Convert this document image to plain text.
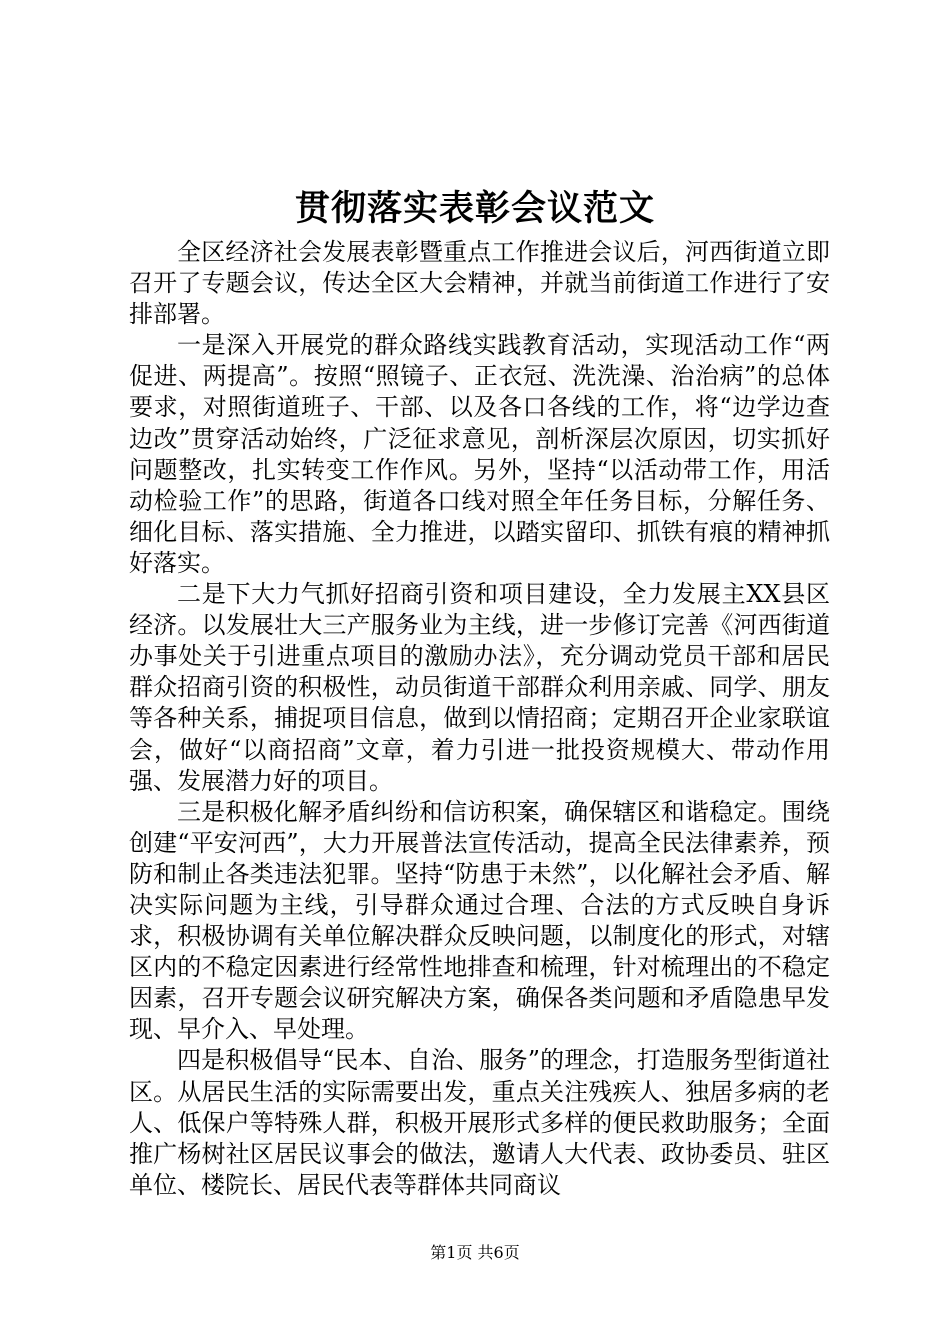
贯彻落实表彰会议范文

全区经济社会发展表彰暨重点工作推进会议后，河西街道立即召开了专题会议，传达全区大会精神，并就当前街道工作进行了安排部署。

一是深入开展党的群众路线实践教育活动，实现活动工作“两促进、两提高”。按照“照镜子、正衣冠、洗洗澡、治治病”的总体要求，对照街道班子、干部、以及各口各线的工作，将“边学边查边改”贯穿活动始终，广泛征求意见，剖析深层次原因，切实抓好问题整改，扎实转变工作作风。另外，坚持“以活动带工作，用活动检验工作”的思路，街道各口线对照全年任务目标，分解任务、细化目标、落实措施、全力推进，以踏实留印、抓铁有痕的精神抓好落实。

二是下大力气抓好招商引资和项目建设，全力发展主XX县区经济。以发展壮大三产服务业为主线，进一步修订完善《河西街道办事处关于引进重点项目的激励办法》，充分调动党员干部和居民群众招商引资的积极性，动员街道干部群众利用亲戚、同学、朋友等各种关系，捕捉项目信息，做到以情招商；定期召开企业家联谊会，做好“以商招商”文章，着力引进一批投资规模大、带动作用强、发展潜力好的项目。

三是积极化解矛盾纠纷和信访积案，确保辖区和谐稳定。围绕创建“平安河西”，大力开展普法宣传活动，提高全民法律素养，预防和制止各类违法犯罪。坚持“防患于未然”，以化解社会矛盾、解决实际问题为主线，引导群众通过合理、合法的方式反映自身诉求，积极协调有关单位解决群众反映问题，以制度化的形式，对辖区内的不稳定因素进行经常性地排查和梳理，针对梳理出的不稳定因素，召开专题会议研究解决方案，确保各类问题和矛盾隐患早发现、早介入、早处理。

四是积极倡导“民本、自治、服务”的理念，打造服务型街道社区。从居民生活的实际需要出发，重点关注残疾人、独居多病的老人、低保户等特殊人群，积极开展形式多样的便民救助服务；全面推广杨树社区居民议事会的做法，邀请人大代表、政协委员、驻区单位、楼院长、居民代表等群体共同商议

第1页 共6页
